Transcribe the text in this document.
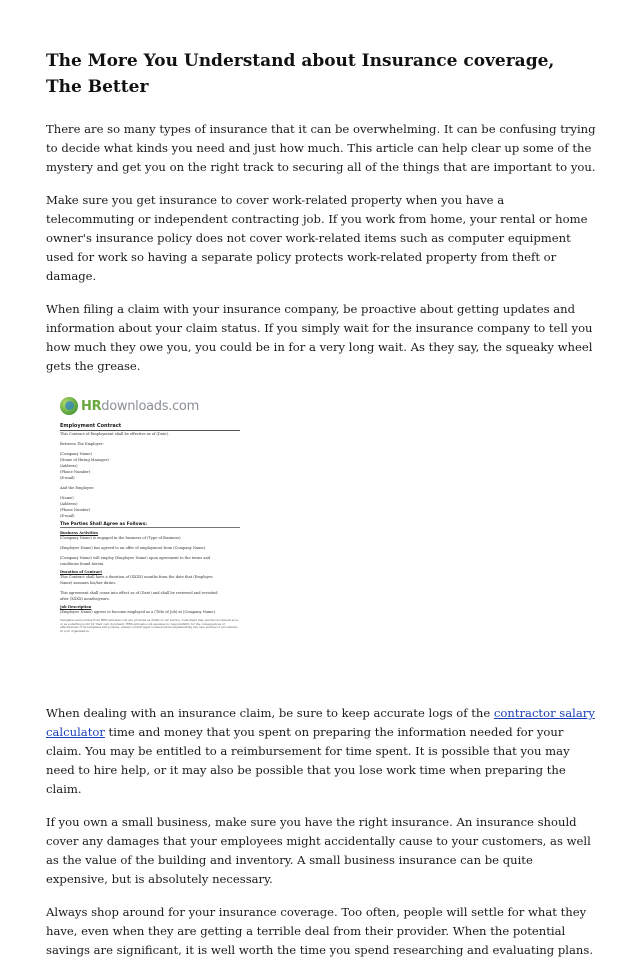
The More You Understand about Insurance coverage, The Better

There are so many types of insurance that it can be overwhelming. It can be confusing trying to decide what kinds you need and just how much. This article can help clear up some of the mystery and get you on the right track to securing all of the things that are important to you.

Make sure you get insurance to cover work-related property when you have a telecommuting or independent contracting job. If you work from home, your rental or home owner's insurance policy does not cover work-related items such as computer equipment used for work so having a separate policy protects work-related property from theft or damage.

When filing a claim with your insurance company, be proactive about getting updates and information about your claim status. If you simply wait for the insurance company to tell you how much they owe you, you could be in for a very long wait. As they say, the squeaky wheel gets the grease.

HRdownloads.com
Employment Contract
This Contract of Employment shall be effective as of (Date).
Between The Employer:
(Company Name)
(Name of Hiring Manager)
(Address)
(Phone Number)
(E-mail)
And the Employee:
(Name)
(Address)
(Phone Number)
(E-mail)
The Parties Shall Agree as Follows:
Business Activities
(Company Name) is engaged in the business of (Type of Business).
(Employee Name) has agreed to an offer of employment from (Company Name).
(Company Name) will employ (Employee Name) upon agreement to the terms and
conditions found herein.
Duration of Contract
This Contract shall have a duration of (XXXX) months from the date that (Employee
Name) assumes his/her duties.
This agreement shall cease into effect as of (Date) and shall be reviewed and revisited
after (XXXX) months/years.
Job Description
(Employee Name) agrees to become employed as a (Title of Job) at (Company Name).
Templates and policies from HRdownloads.com are provided as drafts of our service. Customers may use this document as is, or as a starting point for their own document. HRdownloads.com assumes no responsibility for the consequences or effectiveness of its templates and policies. Always consult legal counsel before implementing any new policies or procedures in your organization.

When dealing with an insurance claim, be sure to keep accurate logs of the contractor salary calculator time and money that you spent on preparing the information needed for your claim. You may be entitled to a reimbursement for time spent. It is possible that you may need to hire help, or it may also be possible that you lose work time when preparing the claim.

If you own a small business, make sure you have the right insurance. An insurance should cover any damages that your employees might accidentally cause to your customers, as well as the value of the building and inventory. A small business insurance can be quite expensive, but is absolutely necessary.

Always shop around for your insurance coverage. Too often, people will settle for what they have, even when they are getting a terrible deal from their provider. When the potential savings are significant, it is well worth the time you spend researching and evaluating plans.
